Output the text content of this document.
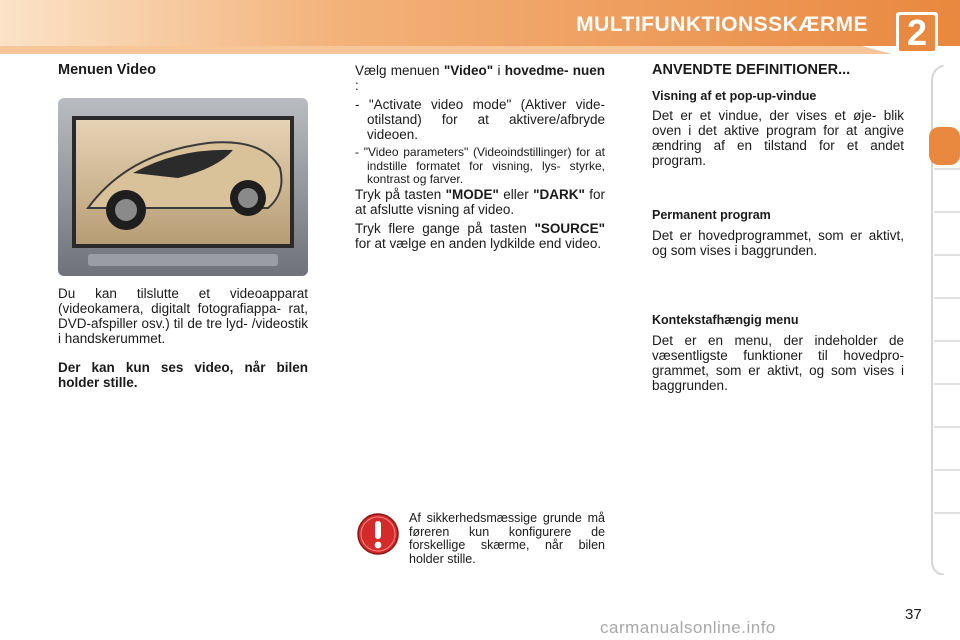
MULTIFUNKTIONSSKÆRME 2

Menuen Video

Du kan tilslutte et videoapparat (videokamera, digitalt fotografiappa- rat, DVD-afspiller osv.) til de tre lyd- /videostik i handskerummet.

Der kan kun ses video, når bilen holder stille.

Vælg menuen "Video" i hovedme- nuen :

- "Activate video mode" (Aktiver vide- otilstand) for at aktivere/afbryde videoen.

- "Video parameters" (Videoindstillinger) for at indstille formatet for visning, lys- styrke, kontrast og farver.

Tryk på tasten "MODE" eller "DARK" for at afslutte visning af video.

Tryk flere gange på tasten "SOURCE" for at vælge en anden lydkilde end video.

ANVENDTE DEFINITIONER...

Visning af et pop-up-vindue

Det er et vindue, der vises et øje- blik oven i det aktive program for at angive ændring af en tilstand for et andet program.

Permanent program

Det er hovedprogrammet, som er aktivt, og som vises i baggrunden.

Kontekstafhængig menu

Det er en menu, der indeholder de væsentligste funktioner til hovedpro- grammet, som er aktivt, og som vises i baggrunden.

Af sikkerhedsmæssige grunde må føreren kun konfigurere de forskellige skærme, når bilen holder stille.
37
carmanualsonline.info
